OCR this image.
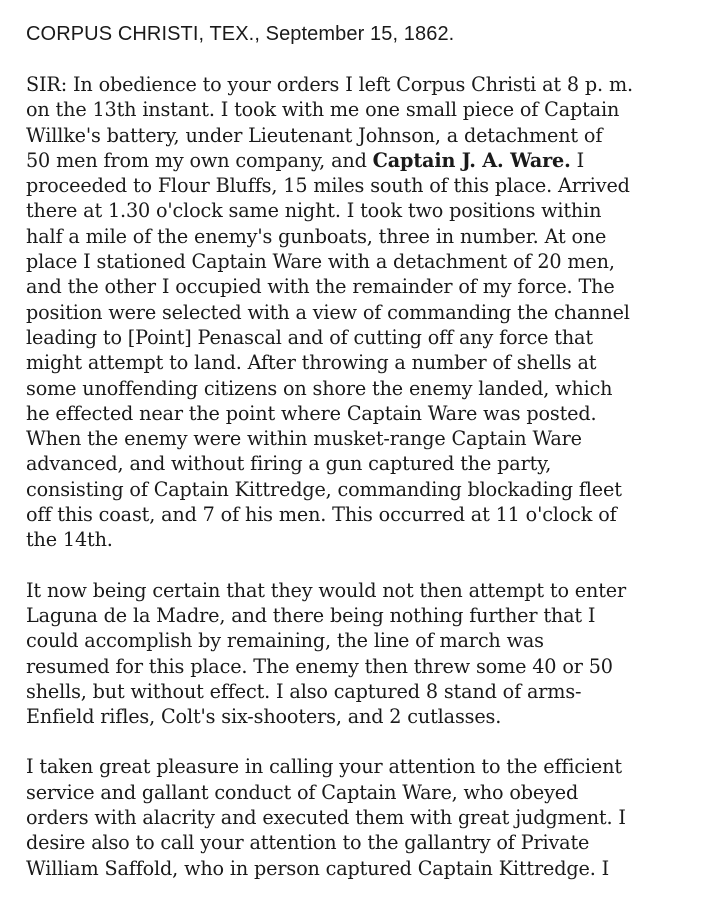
CORPUS CHRISTI, TEX., September 15, 1862.
SIR: In obedience to your orders I left Corpus Christi at 8 p. m.
on the 13th instant. I took with me one small piece of Captain
Willke's battery, under Lieutenant Johnson, a detachment of
50 men from my own company, and Captain J. A. Ware. I
proceeded to Flour Bluffs, 15 miles south of this place. Arrived
there at 1.30 o'clock same night. I took two positions within
half a mile of the enemy's gunboats, three in number. At one
place I stationed Captain Ware with a detachment of 20 men,
and the other I occupied with the remainder of my force. The
position were selected with a view of commanding the channel
leading to [Point] Penascal and of cutting off any force that
might attempt to land. After throwing a number of shells at
some unoffending citizens on shore the enemy landed, which
he effected near the point where Captain Ware was posted.
When the enemy were within musket-range Captain Ware
advanced, and without firing a gun captured the party,
consisting of Captain Kittredge, commanding blockading fleet
off this coast, and 7 of his men. This occurred at 11 o'clock of
the 14th.
It now being certain that they would not then attempt to enter
Laguna de la Madre, and there being nothing further that I
could accomplish by remaining, the line of march was
resumed for this place. The enemy then threw some 40 or 50
shells, but without effect. I also captured 8 stand of arms-
Enfield rifles, Colt's six-shooters, and 2 cutlasses.
I taken great pleasure in calling your attention to the efficient
service and gallant conduct of Captain Ware, who obeyed
orders with alacrity and executed them with great judgment. I
desire also to call your attention to the gallantry of Private
William Saffold, who in person captured Captain Kittredge. I
